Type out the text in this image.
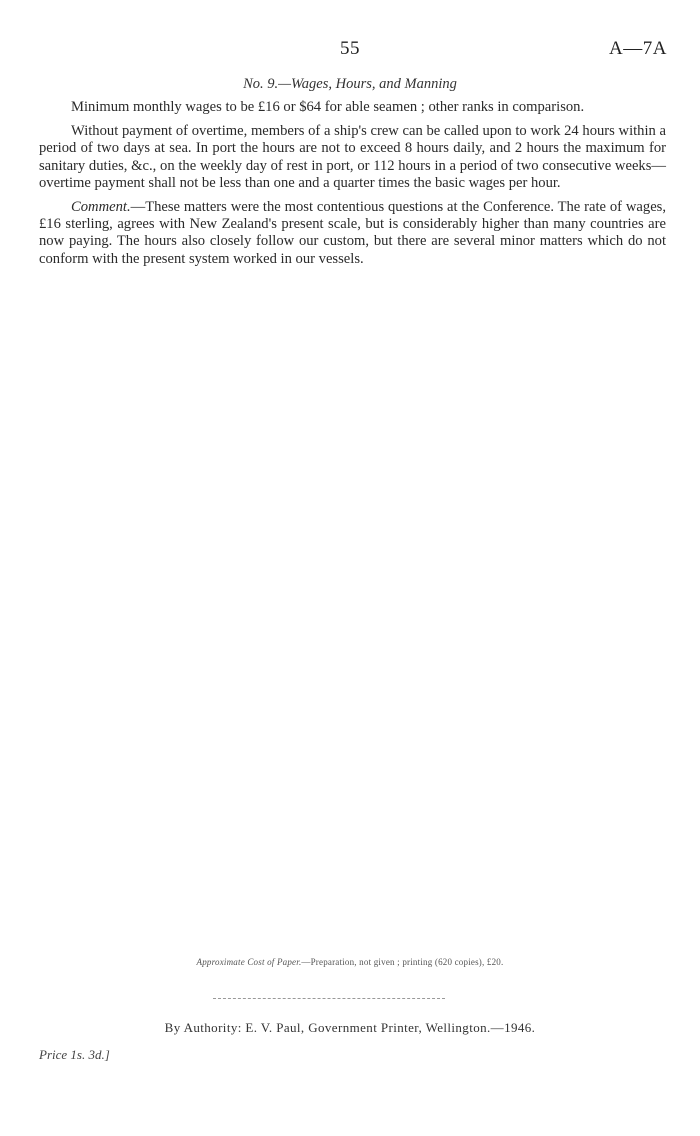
55	A—7A
No. 9.—Wages, Hours, and Manning

Minimum monthly wages to be £16 or $64 for able seamen ; other ranks in comparison.

Without payment of overtime, members of a ship's crew can be called upon to work 24 hours within a period of two days at sea. In port the hours are not to exceed 8 hours daily, and 2 hours the maximum for sanitary duties, &c., on the weekly day of rest in port, or 112 hours in a period of two consecutive weeks—overtime payment shall not be less than one and a quarter times the basic wages per hour.

Comment.—These matters were the most contentious questions at the Conference. The rate of wages, £16 sterling, agrees with New Zealand's present scale, but is considerably higher than many countries are now paying. The hours also closely follow our custom, but there are several minor matters which do not conform with the present system worked in our vessels.

Approximate Cost of Paper.—Preparation, not given ; printing (620 copies), £20.
By Authority: E. V. Paul, Government Printer, Wellington.—1946.
Price 1s. 3d.]
